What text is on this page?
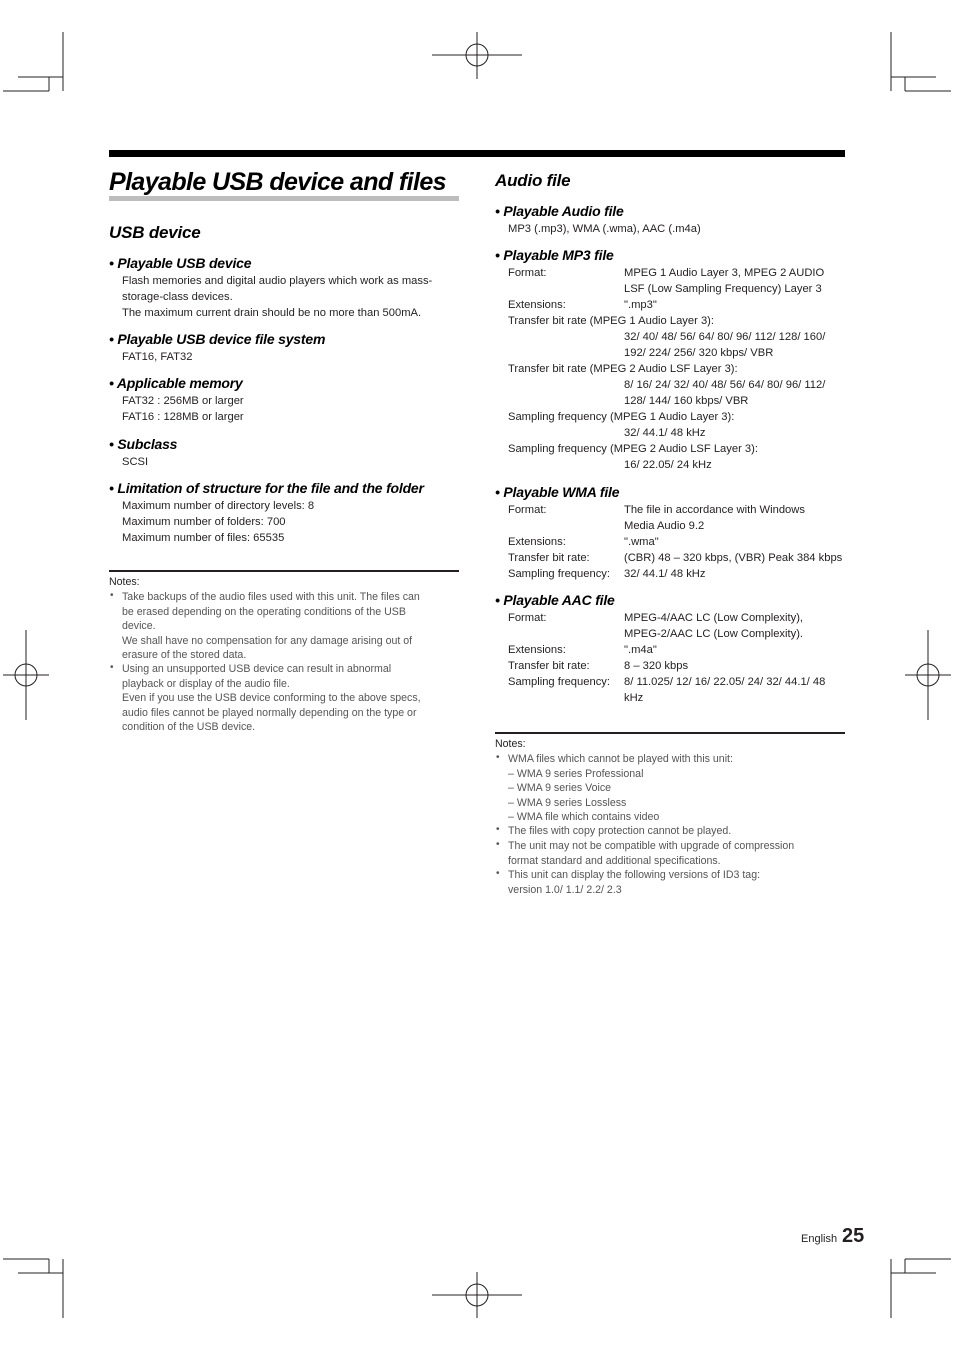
Playable USB device and files
USB device
• Playable USB device
Flash memories and digital audio players which work as mass-
storage-class devices.
The maximum current drain should be no more than 500mA.
• Playable USB device file system
FAT16, FAT32
• Applicable memory
FAT32 : 256MB or larger
FAT16 : 128MB or larger
• Subclass
SCSI
• Limitation of structure for the file and the folder
Maximum number of directory levels: 8
Maximum number of folders: 700
Maximum number of files: 65535
Notes:
• Take backups of the audio files used with this unit. The files can
be erased depending on the operating conditions of the USB
device.
We shall have no compensation for any damage arising out of
erasure of the stored data.
• Using an unsupported USB device can result in abnormal
playback or display of the audio file.
Even if you use the USB device conforming to the above specs,
audio files cannot be played normally depending on the type or
condition of the USB device.
Audio file
• Playable Audio file
MP3 (.mp3), WMA (.wma), AAC (.m4a)
• Playable MP3 file
Format:	MPEG 1 Audio Layer 3, MPEG 2 AUDIO
LSF (Low Sampling Frequency) Layer 3
Extensions:	".mp3"
Transfer bit rate (MPEG 1 Audio Layer 3):
32/ 40/ 48/ 56/ 64/ 80/ 96/ 112/ 128/ 160/
192/ 224/ 256/ 320 kbps/ VBR
Transfer bit rate (MPEG 2 Audio LSF Layer 3):
8/ 16/ 24/ 32/ 40/ 48/ 56/ 64/ 80/ 96/ 112/
128/ 144/ 160 kbps/ VBR
Sampling frequency (MPEG 1 Audio Layer 3):
32/ 44.1/ 48 kHz
Sampling frequency (MPEG 2 Audio LSF Layer 3):
16/ 22.05/ 24 kHz
• Playable WMA file
Format:	The file in accordance with Windows
Media Audio 9.2
Extensions:	".wma"
Transfer bit rate:	(CBR) 48 – 320 kbps, (VBR) Peak 384 kbps
Sampling frequency: 32/ 44.1/ 48 kHz
• Playable AAC file
Format:	MPEG-4/AAC LC (Low Complexity),
MPEG-2/AAC LC (Low Complexity).
Extensions:	".m4a"
Transfer bit rate:	8 – 320 kbps
Sampling frequency: 8/ 11.025/ 12/ 16/ 22.05/ 24/ 32/ 44.1/ 48
kHz
Notes:
• WMA files which cannot be played with this unit:
– WMA 9 series Professional
– WMA 9 series Voice
– WMA 9 series Lossless
– WMA file which contains video
• The files with copy protection cannot be played.
• The unit may not be compatible with upgrade of compression
format standard and additional specifications.
• This unit can display the following versions of ID3 tag:
version 1.0/ 1.1/ 2.2/ 2.3
English 25
